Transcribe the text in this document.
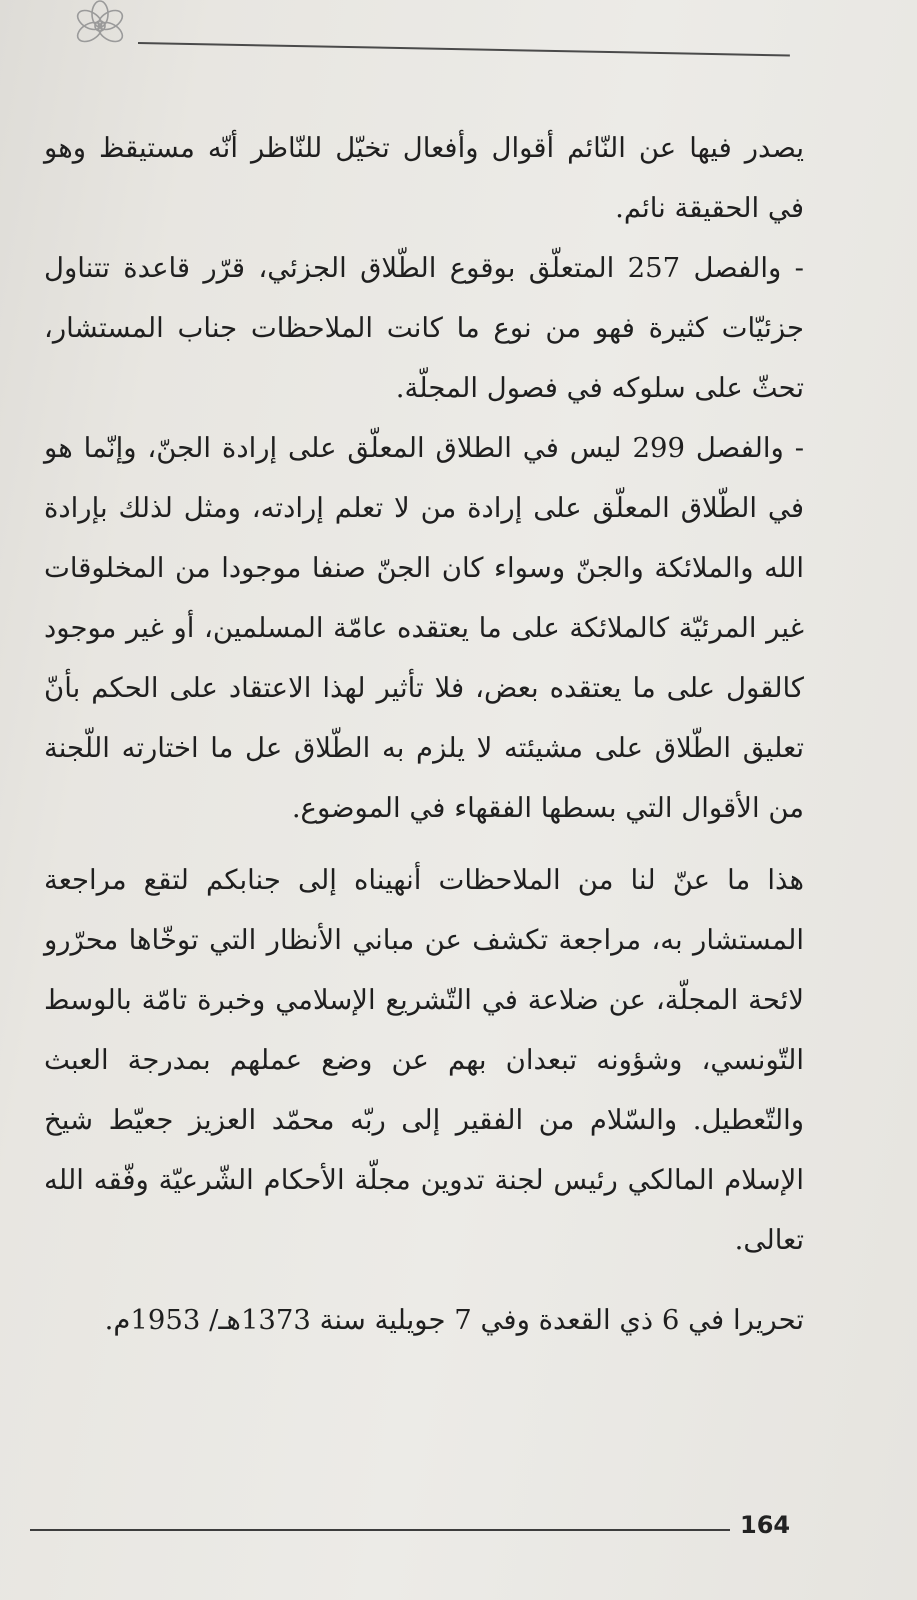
يصدر فيها عن النّائم أقوال وأفعال تخيّل للنّاظر أنّه مستيقظ وهو في الحقيقة نائم.

- والفصل 257 المتعلّق بوقوع الطّلاق الجزئي، قرّر قاعدة تتناول جزئيّات كثيرة فهو من نوع ما كانت الملاحظات جناب المستشار، تحثّ على سلوكه في فصول المجلّة.

- والفصل 299 ليس في الطلاق المعلّق على إرادة الجنّ، وإنّما هو في الطّلاق المعلّق على إرادة من لا تعلم إرادته، ومثل لذلك بإرادة الله والملائكة والجنّ وسواء كان الجنّ صنفا موجودا من المخلوقات غير المرئيّة كالملائكة على ما يعتقده عامّة المسلمين، أو غير موجود كالقول على ما يعتقده بعض، فلا تأثير لهذا الاعتقاد على الحكم بأنّ تعليق الطّلاق على مشيئته لا يلزم به الطّلاق عل ما اختارته اللّجنة من الأقوال التي بسطها الفقهاء في الموضوع.

هذا ما عنّ لنا من الملاحظات أنهيناه إلى جنابكم لتقع مراجعة المستشار به، مراجعة تكشف عن مباني الأنظار التي توخّاها محرّرو لائحة المجلّة، عن ضلاعة في التّشريع الإسلامي وخبرة تامّة بالوسط التّونسي، وشؤونه تبعدان بهم عن وضع عملهم بمدرجة العبث والتّعطيل. والسّلام من الفقير إلى ربّه محمّد العزيز جعيّط شيخ الإسلام المالكي رئيس لجنة تدوين مجلّة الأحكام الشّرعيّة وفّقه الله تعالى.

تحريرا في 6 ذي القعدة وفي 7 جويلية سنة 1373هـ/ 1953م.

164
